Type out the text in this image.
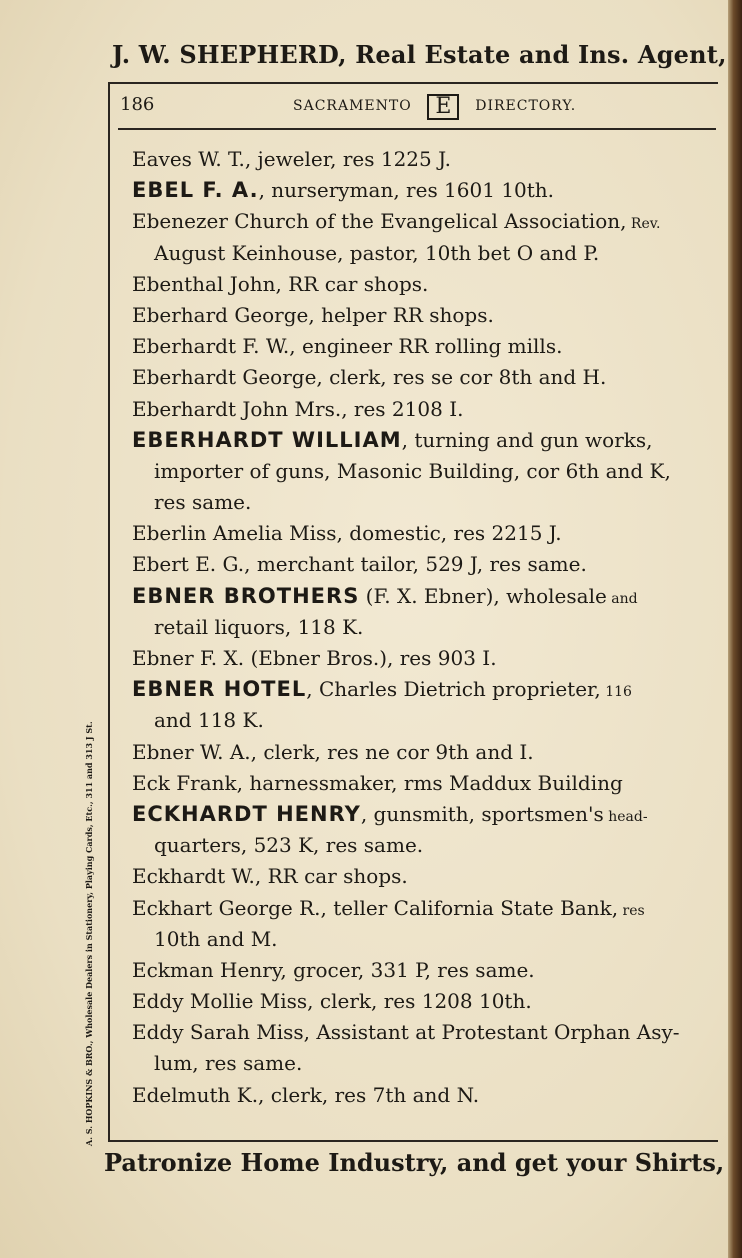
J. W. SHEPHERD, Real Estate and Ins. Agent,
A. S. HOPKINS & BRO., Wholesale Dealers in Stationery, Playing Cards, Etc., 311 and 313 J St.
186	SACRAMENTO E DIRECTORY.
Eaves W. T., jeweler, res 1225 J.
EBEL F. A., nurseryman, res 1601 10th.
Ebenezer Church of the Evangelical Association, Rev.
August Keinhouse, pastor, 10th bet O and P.
Ebenthal John, RR car shops.
Eberhard George, helper RR shops.
Eberhardt F. W., engineer RR rolling mills.
Eberhardt George, clerk, res se cor 8th and H.
Eberhardt John Mrs., res 2108 I.
EBERHARDT WILLIAM, turning and gun works,
importer of guns, Masonic Building, cor 6th and K,
res same.
Eberlin Amelia Miss, domestic, res 2215 J.
Ebert E. G., merchant tailor, 529 J, res same.
EBNER BROTHERS (F. X. Ebner), wholesale and
retail liquors, 118 K.
Ebner F. X. (Ebner Bros.), res 903 I.
EBNER HOTEL, Charles Dietrich proprieter, 116
and 118 K.
Ebner W. A., clerk, res ne cor 9th and I.
Eck Frank, harnessmaker, rms Maddux Building
ECKHARDT HENRY, gunsmith, sportsmen's head-
quarters, 523 K, res same.
Eckhardt W., RR car shops.
Eckhart George R., teller California State Bank, res
10th and M.
Eckman Henry, grocer, 331 P, res same.
Eddy Mollie Miss, clerk, res 1208 10th.
Eddy Sarah Miss, Assistant at Protestant Orphan Asy-
lum, res same.
Edelmuth K., clerk, res 7th and N.
Patronize Home Industry, and get your Shirts,
